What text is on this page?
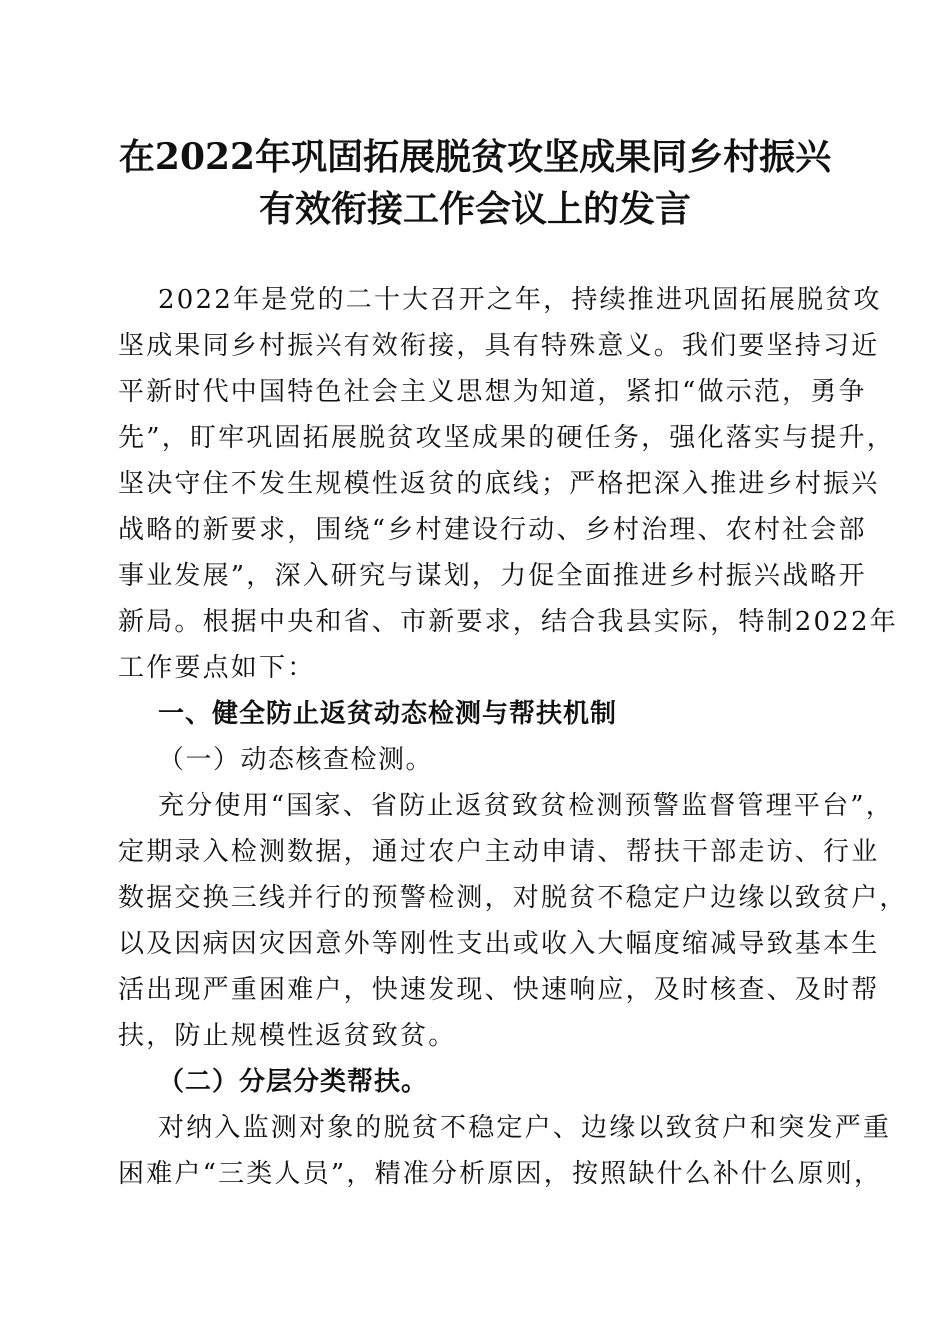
在2022年巩固拓展脱贫攻坚成果同乡村振兴
有效衔接工作会议上的发言
2022年是党的二十大召开之年，持续推进巩固拓展脱贫攻
坚成果同乡村振兴有效衔接，具有特殊意义。我们要坚持习近
平新时代中国特色社会主义思想为知道，紧扣“做示范，勇争
先”，盯牢巩固拓展脱贫攻坚成果的硬任务，强化落实与提升，
坚决守住不发生规模性返贫的底线；严格把深入推进乡村振兴
战略的新要求，围绕“乡村建设行动、乡村治理、农村社会部
事业发展”，深入研究与谋划，力促全面推进乡村振兴战略开
新局。根据中央和省、市新要求，结合我县实际，特制2022年
工作要点如下：
一、健全防止返贫动态检测与帮扶机制
（一）动态核查检测。
充分使用“国家、省防止返贫致贫检测预警监督管理平台”，
定期录入检测数据，通过农户主动申请、帮扶干部走访、行业
数据交换三线并行的预警检测，对脱贫不稳定户边缘以致贫户，
以及因病因灾因意外等刚性支出或收入大幅度缩减导致基本生
活出现严重困难户，快速发现、快速响应，及时核查、及时帮
扶，防止规模性返贫致贫。
（二）分层分类帮扶。
对纳入监测对象的脱贫不稳定户、边缘以致贫户和突发严重
困难户“三类人员”，精准分析原因，按照缺什么补什么原则，
